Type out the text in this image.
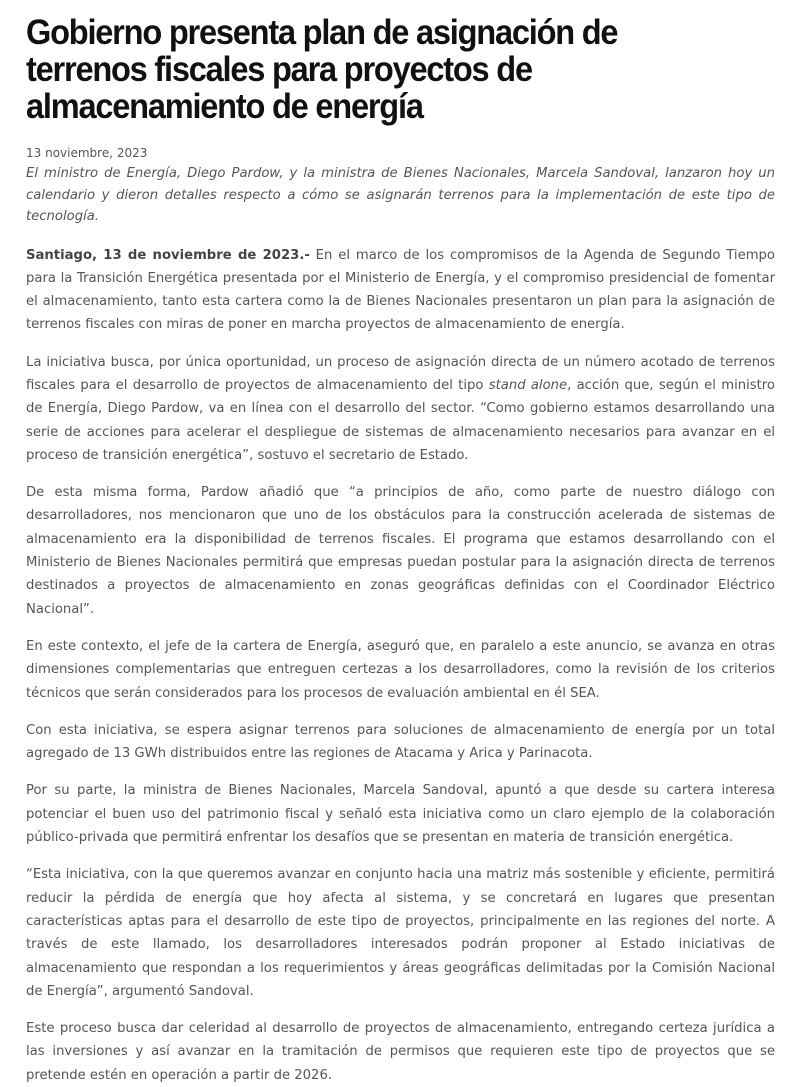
Gobierno presenta plan de asignación de terrenos fiscales para proyectos de almacenamiento de energía
13 noviembre, 2023

El ministro de Energía, Diego Pardow, y la ministra de Bienes Nacionales, Marcela Sandoval, lanzaron hoy un calendario y dieron detalles respecto a cómo se asignarán terrenos para la implementación de este tipo de tecnología.

Santiago, 13 de noviembre de 2023.- En el marco de los compromisos de la Agenda de Segundo Tiempo para la Transición Energética presentada por el Ministerio de Energía, y el compromiso presidencial de fomentar el almacenamiento, tanto esta cartera como la de Bienes Nacionales presentaron un plan para la asignación de terrenos fiscales con miras de poner en marcha proyectos de almacenamiento de energía.

La iniciativa busca, por única oportunidad, un proceso de asignación directa de un número acotado de terrenos fiscales para el desarrollo de proyectos de almacenamiento del tipo stand alone, acción que, según el ministro de Energía, Diego Pardow, va en línea con el desarrollo del sector. “Como gobierno estamos desarrollando una serie de acciones para acelerar el despliegue de sistemas de almacenamiento necesarios para avanzar en el proceso de transición energética”, sostuvo el secretario de Estado.

De esta misma forma, Pardow añadió que “a principios de año, como parte de nuestro diálogo con desarrolladores, nos mencionaron que uno de los obstáculos para la construcción acelerada de sistemas de almacenamiento era la disponibilidad de terrenos fiscales. El programa que estamos desarrollando con el Ministerio de Bienes Nacionales permitirá que empresas puedan postular para la asignación directa de terrenos destinados a proyectos de almacenamiento en zonas geográficas definidas con el Coordinador Eléctrico Nacional”.

En este contexto, el jefe de la cartera de Energía, aseguró que, en paralelo a este anuncio, se avanza en otras dimensiones complementarias que entreguen certezas a los desarrolladores, como la revisión de los criterios técnicos que serán considerados para los procesos de evaluación ambiental en él SEA.

Con esta iniciativa, se espera asignar terrenos para soluciones de almacenamiento de energía por un total agregado de 13 GWh distribuidos entre las regiones de Atacama y Arica y Parinacota.

Por su parte, la ministra de Bienes Nacionales, Marcela Sandoval, apuntó a que desde su cartera interesa potenciar el buen uso del patrimonio fiscal y señaló esta iniciativa como un claro ejemplo de la colaboración público-privada que permitirá enfrentar los desafíos que se presentan en materia de transición energética.

“Esta iniciativa, con la que queremos avanzar en conjunto hacia una matriz más sostenible y eficiente, permitirá reducir la pérdida de energía que hoy afecta al sistema, y se concretará en lugares que presentan características aptas para el desarrollo de este tipo de proyectos, principalmente en las regiones del norte. A través de este llamado, los desarrolladores interesados podrán proponer al Estado iniciativas de almacenamiento que respondan a los requerimientos y áreas geográficas delimitadas por la Comisión Nacional de Energía”, argumentó Sandoval.

Este proceso busca dar celeridad al desarrollo de proyectos de almacenamiento, entregando certeza jurídica a las inversiones y así avanzar en la tramitación de permisos que requieren este tipo de proyectos que se pretende estén en operación a partir de 2026.
